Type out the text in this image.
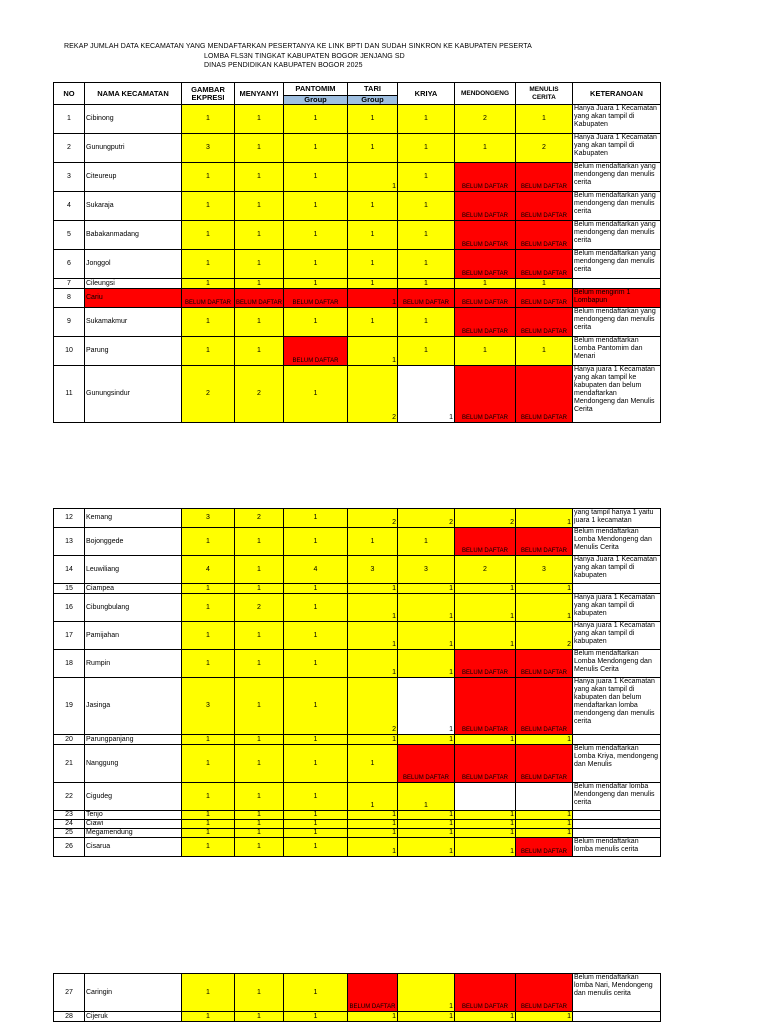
REKAP JUMLAH DATA KECAMATAN YANG MENDAFTARKAN PESERTANYA KE LINK BPTI DAN SUDAH SINKRON KE KABUPATEN PESERTA
LOMBA FLS3N TINGKAT KABUPATEN BOGOR JENJANG SD
DINAS PENDIDIKAN KABUPATEN BOGOR 2025
NO	NAMA KECAMATAN	GAMBAR EKPRESI	MENYANYI	PANTOMIM	TARI	KRIYA	MENDONGENG	MENULIS CERITA	KETERANOAN
				Group	Group				
1	Cibinong	1	1	1	1	1	2	1	Hanya Juara 1 Kecamatan yang akan tampil di Kabupaten
2	Gunungputri	3	1	1	1	1	1	2	Hanya Juara 1 Kecamatan yang akan tampil di Kabupaten
3	Citeureup	1	1	1	1	1	BELUM DAFTAR	BELUM DAFTAR	Belum mendaftarkan yang mendongeng dan menulis cerita
4	Sukaraja	1	1	1	1	1	BELUM DAFTAR	BELUM DAFTAR	Belum mendaftarkan yang mendongeng dan menulis cerita
5	Babakanmadang	1	1	1	1	1	BELUM DAFTAR	BELUM DAFTAR	Belum mendaftarkan yang mendongeng dan menulis cerita
6	Jonggol	1	1	1	1	1	BELUM DAFTAR	BELUM DAFTAR	Belum mendaftarkan yang mendongeng dan menulis cerita
7	Cileungsi	1	1	1	1	1	1	1	
8	Cariu	BELUM DAFTAR	BELUM DAFTAR	BELUM DAFTAR	1	BELUM DAFTAR	BELUM DAFTAR	BELUM DAFTAR	Belum mengirim 1 Lombapun
9	Sukamakmur	1	1	1	1	1	BELUM DAFTAR	BELUM DAFTAR	Belum mendaftarkan yang mendongeng dan menulis cerita
10	Parung	1	1	BELUM DAFTAR	1	1	1	1	Belum mendaftarkan Lomba Pantomim dan Menari
11	Gunungsindur	2	2	1	2	1	BELUM DAFTAR	BELUM DAFTAR	Hanya juara 1 Kecamatan yang akan tampil ke kabupaten dan belum mendaftarkan Mendongeng dan Menulis Cerita
12	Kemang	3	2	1	2	2	2	1	yang tampil hanya 1 yaitu juara 1 kecamatan
13	Bojonggede	1	1	1	1	1	BELUM DAFTAR	BELUM DAFTAR	Belum mendaftarkan Lomba Mendongeng dan Menulis Cerita
14	Leuwiliang	4	1	4	3	3	2	3	Hanya Juara 1 Kecamatan yang akan tampil di kabupaten
15	Ciampea	1	1	1	1	1	1	1	
16	Cibungbulang	1	2	1	1	1	1	1	Hanya juara 1 Kecamatan yang akan tampil di kabupaten
17	Pamijahan	1	1	1	1	1	1	2	Hanya juara 1 Kecamatan yang akan tampil di kabupaten
18	Rumpin	1	1	1	1	1	BELUM DAFTAR	BELUM DAFTAR	Belum mendaftarkan Lomba Mendongeng dan Menulis Cerita
19	Jasinga	3	1	1	2	1	BELUM DAFTAR	BELUM DAFTAR	Hanya juara 1 Kecamatan yang akan tampil di kabupaten dan belum mendaftarkan lomba mendongeng dan menulis cerita
20	Parungpanjang	1	1	1	1	1	1	1	
21	Nanggung	1	1	1	1	BELUM DAFTAR	BELUM DAFTAR	BELUM DAFTAR	Belum mendaftarkan Lomba Kriya, mendongeng dan Menulis
22	Cigudeg	1	1	1	1	1			Belum mendaftar lomba Mendongeng dan menulis cerita
23	Tenjo	1	1	1	1	1	1	1	
24	Ciawi	1	1	1	1	1	1	1	
25	Megamendung	1	1	1	1	1	1	1	
26	Cisarua	1	1	1	1	1	1	BELUM DAFTAR	Belum mendaftarkan lomba menulis cerita
27	Caringin	1	1	1	BELUM DAFTAR	1	BELUM DAFTAR	BELUM DAFTAR	Belum mendaftarkan lomba Nari, Mendongeng dan menulis cerita
28	Cijeruk	1	1	1	1	1	1	1	
